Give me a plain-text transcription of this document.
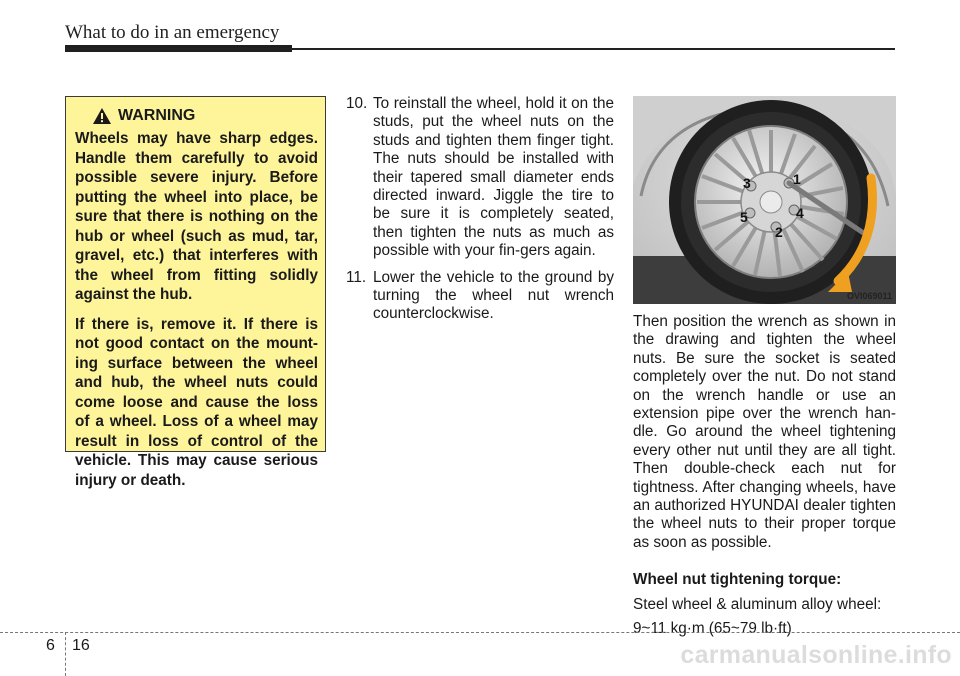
What to do in an emergency
WARNING

Wheels may have sharp edges. Handle them carefully to avoid possible severe injury. Before putting the wheel into place, be sure that there is nothing on the hub or wheel (such as mud, tar, gravel, etc.) that interferes with the wheel from fitting solidly against the hub.

If there is, remove it. If there is not good contact on the mount-ing surface between the wheel and hub, the wheel nuts could come loose and cause the loss of a wheel. Loss of a wheel may result in loss of control of the vehicle. This may cause serious injury or death.

10. To reinstall the wheel, hold it on the studs, put the wheel nuts on the studs and tighten them finger tight. The nuts should be installed with their tapered small diameter ends directed inward. Jiggle the tire to be sure it is completely seated, then tighten the nuts as much as possible with your fin-gers again.
11. Lower the vehicle to the ground by turning the wheel nut wrench counterclockwise.
1
2
3
4
5
OVI069011

Then position the wrench as shown in the drawing and tighten the wheel nuts. Be sure the socket is seated completely over the nut. Do not stand on the wrench handle or use an extension pipe over the wrench han-dle. Go around the wheel tightening every other nut until they are all tight. Then double-check each nut for tightness. After changing wheels, have an authorized HYUNDAI dealer tighten the wheel nuts to their proper torque as soon as possible.

Wheel nut tightening torque:

Steel wheel & aluminum alloy wheel:

9~11 kg·m (65~79 lb·ft)

6 16	carmanualsonline.info
